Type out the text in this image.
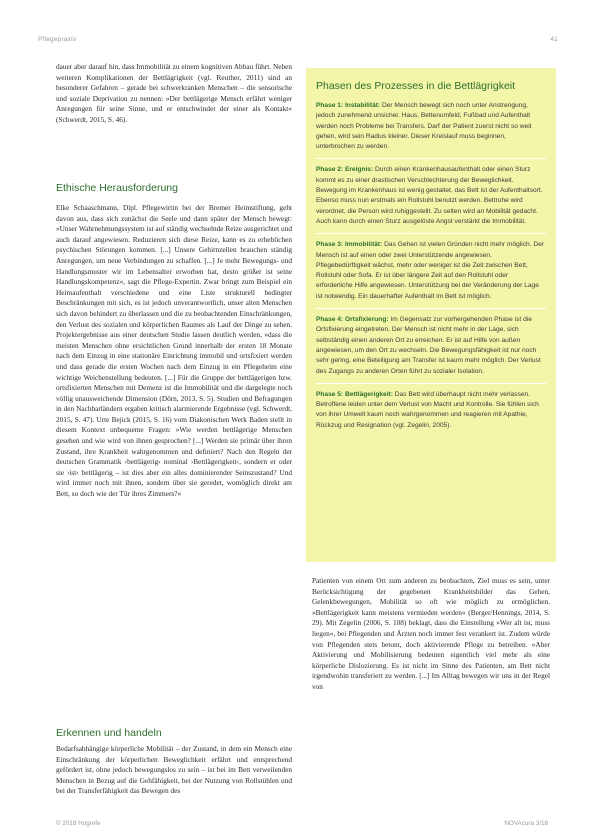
Pflegepraxis	41

dauer aber darauf hin, dass Immobilität zu einem kognitiven Abbau führt. Neben weiteren Komplikationen der Bettlägrigkeit (vgl. Reuther, 2011) sind an besonderer Gefahren – gerade bei schwerkranken Menschen – die sensorische und soziale Deprivation zu nennen: »Der bettlägerige Mensch erfährt weniger Anregungen für seine Sinne, und er entschwindet der einer als Kontakt« (Schwerdt, 2015, S. 46).

Ethische Herausforderung

Elke Schaaschmann, Dipl. Pflegewirtin bei der Bremer Heimstiftung, geht davon aus, dass sich zunächst die Seele und dann später der Mensch bewegt: »Unser Wahrnehmungssystem ist auf ständig wechselnde Reize ausgerichtet und auch darauf angewiesen. Reduzieren sich diese Reize, kann es zu erheblichen psychischen Störungen kommen. [...] Unsere Gehirnzellen brauchen ständig Anregungen, um neue Verbindungen zu schaffen. [...] Je mehr Bewegungs- und Handlungsmuster wir im Lebensalter erworben hat, desto größer ist seine Handlungskompetenz«, sagt die Pflege-Expertin. Zwar bringt zum Beispiel ein Heimaufenthalt verschiedene und eine Liste strukturell bedingter Beschränkungen mit sich, es ist jedoch unverantwortlich, unser alten Menschen sich davon behindert zu überlassen und die zu beobachtenden Einschränkungen, den Verlust des sozialen und körperlichen Raumes als Lauf der Dinge zu sehen. Projektergebnisse aus einer deutschen Studie lassen deutlich werden, »dass die meisten Menschen ohne ersichtlichen Grund innerhalb der ersten 18 Monate nach dem Einzug in eine stationäre Einrichtung immobil und ortsfixiert werden und dass gerade die ersten Wochen nach dem Einzug in ein Pflegeheim eine wichtige Weichenstellung bedeuten. [...] Für die Gruppe der bettlägerigen bzw. ortsfixierten Menschen mit Demenz ist die Immobilität und die dargelegte noch völlig unausweichende Dimension (Dörn, 2013, S. 5). Studien und Befragungen in den Nachbarländern ergaben kritisch alarmierende Ergebnisse (vgl. Schwerdt, 2015, S. 47). Urte Bejick (2015, S. 16) vom Diakonischen Werk Baden stellt in diesem Kontext unbequeme Fragen: »Wie werden bettlägerige Menschen gesehen und wie wird von ihnen gesprochen? [...] Werden sie primär über ihren Zustand, ihre Krankheit wahrgenommen und definiert? Nach den Regeln der deutschen Grammatik ›bettlägerig‹ nominal ›Bettlägerigkeit‹, sondern er oder sie ›ist‹ bettlägerig – ist dies aber ein alles dominierender Seinszustand? Und wird immer noch mit ihnen, sondern über sie geredet, womöglich direkt am Bett, so doch wie der Tür ihres Zimmers?«

Erkennen und handeln

Bedarfsabhängige körperliche Mobilität – der Zustand, in dem ein Mensch eine Einschränkung der körperlichen Beweglichkeit erfährt und entsprechend gefördert ist, ohne jedoch bewegungslos zu sein – ist bei im Bett verweilenden Menschen in Bezug auf die Gehfähigkeit, bei der Nutzung von Rollstühlen und bei der Transferfähigkeit das Bewegen des

Phasen des Prozesses in die Bettlägrigkeit

Phase 1: Instabilität: Der Mensch bewegt sich noch unter Anstrengung, jedoch zunehmend unsicher. Haus, Bettenumfeld, Fußbad und Aufenthalt werden noch Probleme bei Transfers. Darf der Patient zuerst nicht so weit gehen, wird sein Radius kleiner. Dieser Kreislauf muss beginnen, unterbrochen zu werden.

Phase 2: Ereignis: Durch einen Krankenhausaufenthalt oder einen Sturz kommt es zu einer drastischen Verschlechterung der Beweglichkeit. Bewegung im Krankenhaus ist wenig gestaltet, das Bett ist der Aufenthaltsort. Ebenso muss nun erstmals ein Rollstuhl benutzt werden. Bettruhe wird verordnet, die Person wird ruhiggestellt. Zu selten wird an Mobilität gedacht. Auch kann durch einen Sturz ausgelöste Angst verstärkt die Immobilität.

Phase 3: Immobilität: Das Gehen ist vielen Gründen nicht mehr möglich. Der Mensch ist auf einen oder zwei Unterstützende angewiesen. Pflegebedürftigkeit wächst, mehr oder weniger ist die Zeit zwischen Bett, Rollstuhl oder Sofa. Er ist über längere Zeit auf den Rollstuhl oder erforderliche Hilfe angewiesen. Unterstützung bei der Veränderung der Lage ist notwendig. Ein dauerhafter Aufenthalt im Bett ist möglich.

Phase 4: Ortsfixierung: Im Gegensatz zur vorhergehenden Phase ist die Ortsfixierung eingetreten. Der Mensch ist nicht mehr in der Lage, sich selbständig einen anderen Ort zu erreichen. Er ist auf Hilfe von außen angewiesen, um den Ort zu wechseln. Die Bewegungsfähigkeit ist nur noch sehr gering, eine Beteiligung am Transfer ist kaum mehr möglich. Der Verlust des Zugangs zu anderen Orten führt zu sozialer Isolation.

Phase 5: Bettlägerigkeit: Das Bett wird überhaupt nicht mehr verlassen. Betroffene leiden unter dem Verlust von Macht und Kontrolle. Sie fühlen sich von ihrer Umwelt kaum noch wahrgenommen und reagieren mit Apathie, Rückzug und Resignation (vgl. Zegelin, 2005).

Patienten von einem Ort zum anderen zu beobachten, Ziel muss es sein, unter Berücksichtigung der gegebenen Krankheitsbilder das Gehen, Gelenkbewegungen, Mobilität so oft wie möglich zu ermöglichen. »Bettlägerigkeit kann meistens vermieden werden« (Berger/Hennings, 2014, S. 29). Mit Zegelin (2006, S. 108) beklagt, dass die Einstellung »Wer alt ist, muss liegen«, bei Pflegenden und Ärzten noch immer fest verankert ist. Zudem würde von Pflegenden stets betont, doch aktivierende Pflege zu betreiben. »Aber Aktivierung und Mobilisierung bedeuten eigentlich viel mehr als eine körperliche Dislozierung. Es ist nicht im Sinne des Patienten, am Bett nicht irgendwohin transferiert zu werden. [...] Im Alltag bewegen wir uns in der Regel von

© 2018 Hogrefe	NOVAcura 3/18
